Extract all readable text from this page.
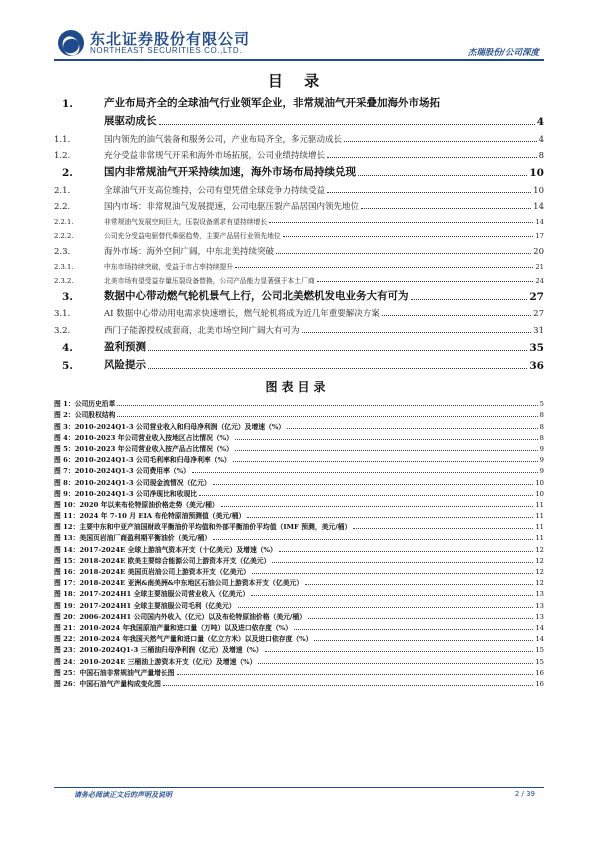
东北证券股份有限公司
NORTHEAST SECURITIES CO.,LTD.	杰瑞股份/公司深度
目 录
1.	产业布局齐全的全球油气行业领军企业，非常规油气开采叠加海外市场拓
展驱动成长	4
1.1.	国内领先的油气装备和服务公司，产业布局齐全，多元驱动成长	4
1.2.	充分受益非常规气开采和海外市场拓展，公司业绩持续增长	8
2.	国内非常规油气开采持续加速，海外市场布局持续兑现	10
2.1.	全球油气开支高位维持，公司有望凭借全球竞争力持续受益	10
2.2.	国内市场：非常规油气发展提速，公司电驱压裂产品居国内领先地位	14
2.2.1.	非常规油气发展空间巨大，压裂设备需求有望持续增长	14
2.2.2.	公司充分受益电驱替代柴驱趋势，主要产品居行业领先地位	17
2.3.	海外市场：海外空间广阔，中东北美持续突破	20
2.3.1.	中东市场持续突破，受益于市占率持续提升	21
2.3.2.	北美市场有望受益存量压裂设备替换，公司产品能力显著强于本土厂商	24
3.	数据中心带动燃气轮机景气上行，公司北美燃机发电业务大有可为	27
3.1.	AI 数据中心带动用电需求快速增长，燃气轮机将成为近几年重要解决方案	27
3.2.	西门子能源授权成套商，北美市场空间广阔大有可为	31
4.	盈利预测	35
5.	风险提示	36
图表目录
图 1：公司历史沿革	5
图 2：公司股权结构	8
图 3：2010-2024Q1-3 公司营业收入和归母净利润（亿元）及增速（%）	8
图 4：2010-2023 年公司营业收入按地区占比情况（%）	8
图 5：2010-2023 年公司营业收入按产品占比情况（%）	9
图 6：2010-2024Q1-3 公司毛利率和归母净利率（%）	9
图 7：2010-2024Q1-3 公司费用率（%）	9
图 8：2010-2024Q1-3 公司现金流情况（亿元）	10
图 9：2010-2024Q1-3 公司净现比和收现比	10
图 10：2020 年以来布伦特原油价格走势（美元/桶）	11
图 11：2024 年 7-10 月 EIA 布伦特原油预测值（美元/桶）	11
图 12：主要中东和中亚产油国财政平衡油价平均值和外部平衡油价平均值（IMF 预测，美元/桶）	11
图 13：美国页岩油厂商盈利期平衡油价（美元/桶）	11
图 14：2017-2024E 全球上游油气资本开支（十亿美元）及增速（%）	12
图 15：2018-2024E 欧美主要综合能源公司上游资本开支（亿美元）	12
图 16：2018-2024E 美国页岩油公司上游资本开支（亿美元）	12
图 17：2018-2024E 亚洲&南美洲&中东地区石油公司上游资本开支（亿美元）	12
图 18：2017-2024H1 全球主要油服公司营业收入（亿美元）	13
图 19：2017-2024H1 全球主要油服公司毛利（亿美元）	13
图 20：2006-2024H1 公司国内外收入（亿元）以及布伦特原油价格（美元/桶）	13
图 21：2010-2024 年我国原油产量和进口量（万吨）以及进口依存度（%）	14
图 22：2010-2024 年我国天然气产量和进口量（亿立方米）以及进口依存度（%）	14
图 23：2010-2024Q1-3 三桶油归母净利润（亿元）及增速（%）	15
图 24：2010-2024E 三桶油上游资本开支（亿元）及增速（%）	15
图 25：中国石油非常规油气产量增长图	16
图 26：中国石油气产量构成变化图	16
请务必阅读正文后的声明及说明	2 / 39
